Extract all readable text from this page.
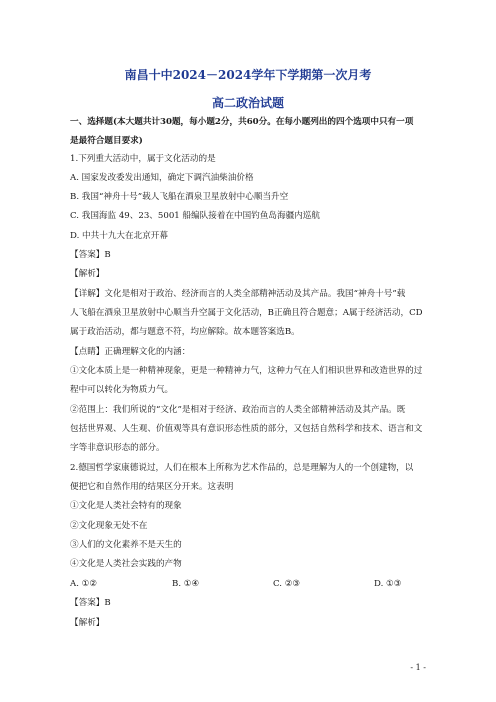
南昌十中2024－2024学年下学期第一次月考
高二政治试题
一、选择题(本大题共计30题，每小题2分，共60分。在每小题列出的四个选项中只有一项
是最符合题目要求)
1.下列重大活动中，属于文化活动的是
A. 国家发改委发出通知，确定下调汽油柴油价格
B. 我国“神舟十号”载人飞船在酒泉卫星放射中心顺当升空
C. 我国海监 49、23、5001 船编队接着在中国钓鱼岛海疆内巡航
D. 中共十九大在北京开幕
【答案】B
【解析】
【详解】文化是相对于政治、经济而言的人类全部精神活动及其产品。我国“神舟十号”载
人飞船在酒泉卫星放射中心顺当升空属于文化活动，B正确且符合题意；A属于经济活动，CD
属于政治活动，都与题意不符，均应解除。故本题答案选B。
【点睛】正确理解文化的内涵：
①文化本质上是一种精神现象，更是一种精神力气，这种力气在人们相识世界和改造世界的过
程中可以转化为物质力气。
②范围上：我们所说的“文化”是相对于经济、政治而言的人类全部精神活动及其产品。既
包括世界观、人生观、价值观等具有意识形态性质的部分，又包括自然科学和技术、语言和文
字等非意识形态的部分。
2.德国哲学家康德说过，人们在根本上所称为艺术作品的，总是理解为人的一个创建物，以
便把它和自然作用的结果区分开来。这表明
①文化是人类社会特有的现象
②文化现象无处不在
③人们的文化素养不是天生的
④文化是人类社会实践的产物
A. ①②	B. ①④	C. ②③	D. ①③
【答案】B
【解析】
- 1 -
